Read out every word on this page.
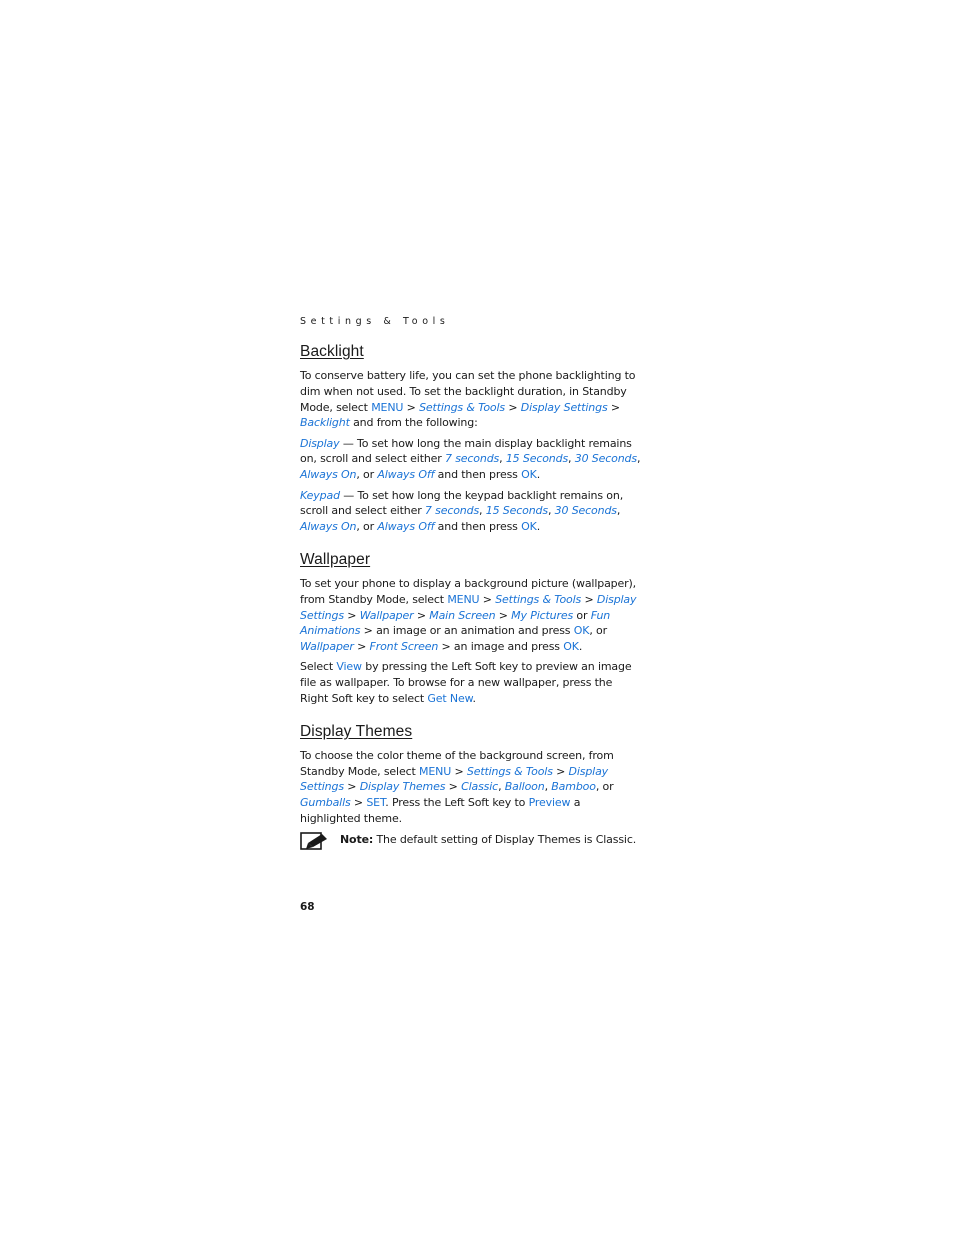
Settings & Tools
Backlight

To conserve battery life, you can set the phone backlighting to dim when not used. To set the backlight duration, in Standby Mode, select MENU > Settings & Tools > Display Settings > Backlight and from the following:

Display — To set how long the main display backlight remains on, scroll and select either 7 seconds, 15 Seconds, 30 Seconds, Always On, or Always Off and then press OK.

Keypad — To set how long the keypad backlight remains on, scroll and select either 7 seconds, 15 Seconds, 30 Seconds, Always On, or Always Off and then press OK.

Wallpaper

To set your phone to display a background picture (wallpaper), from Standby Mode, select MENU > Settings & Tools > Display Settings > Wallpaper > Main Screen > My Pictures or Fun Animations > an image or an animation and press OK, or Wallpaper > Front Screen > an image and press OK.

Select View by pressing the Left Soft key to preview an image file as wallpaper. To browse for a new wallpaper, press the Right Soft key to select Get New.

Display Themes

To choose the color theme of the background screen, from Standby Mode, select MENU > Settings & Tools > Display Settings > Display Themes > Classic, Balloon, Bamboo, or Gumballs > SET. Press the Left Soft key to Preview a highlighted theme.

Note: The default setting of Display Themes is Classic.

68
